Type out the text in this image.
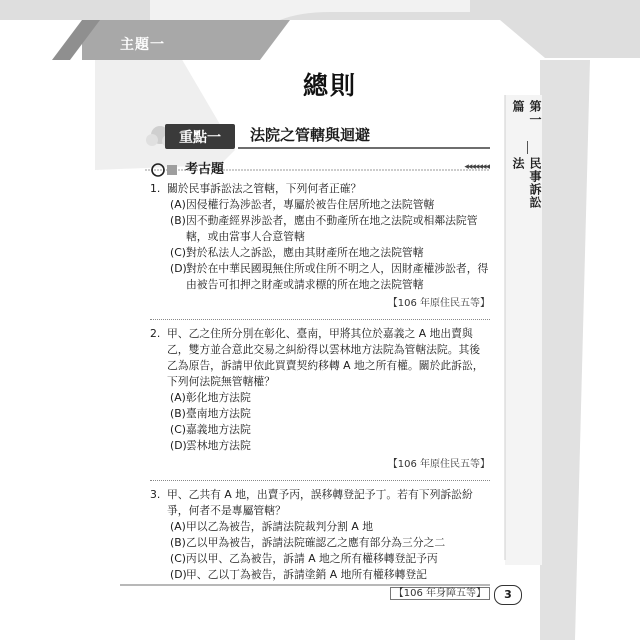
主題一
總則
第一篇
民事訴訟法
重點一	法院之管轄與迴避
考古題	◂◂◂◂◂◂◂
1. 關於民事訴訟法之管轄，下列何者正確？
(A) 因侵權行為涉訟者，專屬於被告住居所地之法院管轄
(B) 因不動產經界涉訟者，應由不動產所在地之法院或相鄰法院管轄，或由當事人合意管轄
(C) 對於私法人之訴訟，應由其財產所在地之法院管轄
(D) 對於在中華民國現無住所或住所不明之人，因財產權涉訟者，得由被告可扣押之財產或請求標的所在地之法院管轄
【106 年原住民五等】
2. 甲、乙之住所分別在彰化、臺南，甲將其位於嘉義之 A 地出賣與乙，雙方並合意此交易之糾紛得以雲林地方法院為管轄法院。其後乙為原告，訴請甲依此買賣契約移轉 A 地之所有權。關於此訴訟，下列何法院無管轄權？
(A) 彰化地方法院
(B) 臺南地方法院
(C) 嘉義地方法院
(D) 雲林地方法院
【106 年原住民五等】
3. 甲、乙共有 A 地，出賣予丙，誤移轉登記予丁。若有下列訴訟紛爭，何者不是專屬管轄？
(A) 甲以乙為被告，訴請法院裁判分割 A 地
(B) 乙以甲為被告，訴請法院確認乙之應有部分為三分之二
(C) 丙以甲、乙為被告，訴請 A 地之所有權移轉登記予丙
(D) 甲、乙以丁為被告，訴請塗銷 A 地所有權移轉登記
【106 年身障五等】	3
